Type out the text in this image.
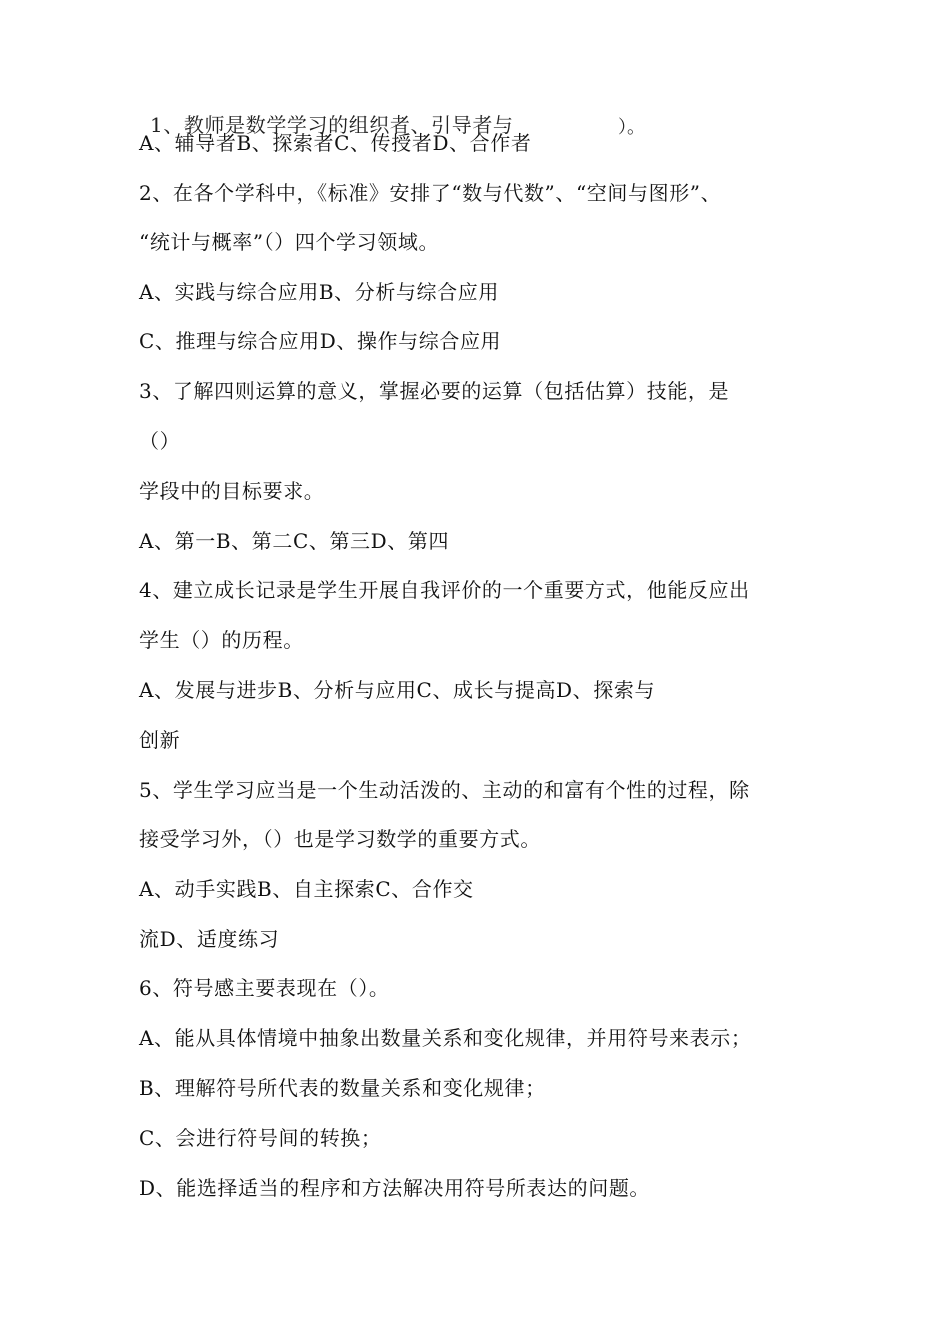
1、教师是数学学习的组织者、引导者与	）。
A、辅导者B、探索者C、传授者D、合作者
2、在各个学科中，《标准》安排了“数与代数”、“空间与图形”、
“统计与概率”（）四个学习领域。
A、实践与综合应用B、分析与综合应用
C、推理与综合应用D、操作与综合应用
3、了解四则运算的意义，掌握必要的运算（包括估算）技能，是
（）
学段中的目标要求。
A、第一B、第二C、第三D、第四
4、建立成长记录是学生开展自我评价的一个重要方式，他能反应出
学生（）的历程。
A、发展与进步B、分析与应用C、成长与提高D、探索与
创新
5、学生学习应当是一个生动活泼的、主动的和富有个性的过程，除
接受学习外，（）也是学习数学的重要方式。
A、动手实践B、自主探索C、合作交
流D、适度练习
6、符号感主要表现在（）。
A、能从具体情境中抽象出数量关系和变化规律，并用符号来表示；
B、理解符号所代表的数量关系和变化规律；
C、会进行符号间的转换；
D、能选择适当的程序和方法解决用符号所表达的问题。
